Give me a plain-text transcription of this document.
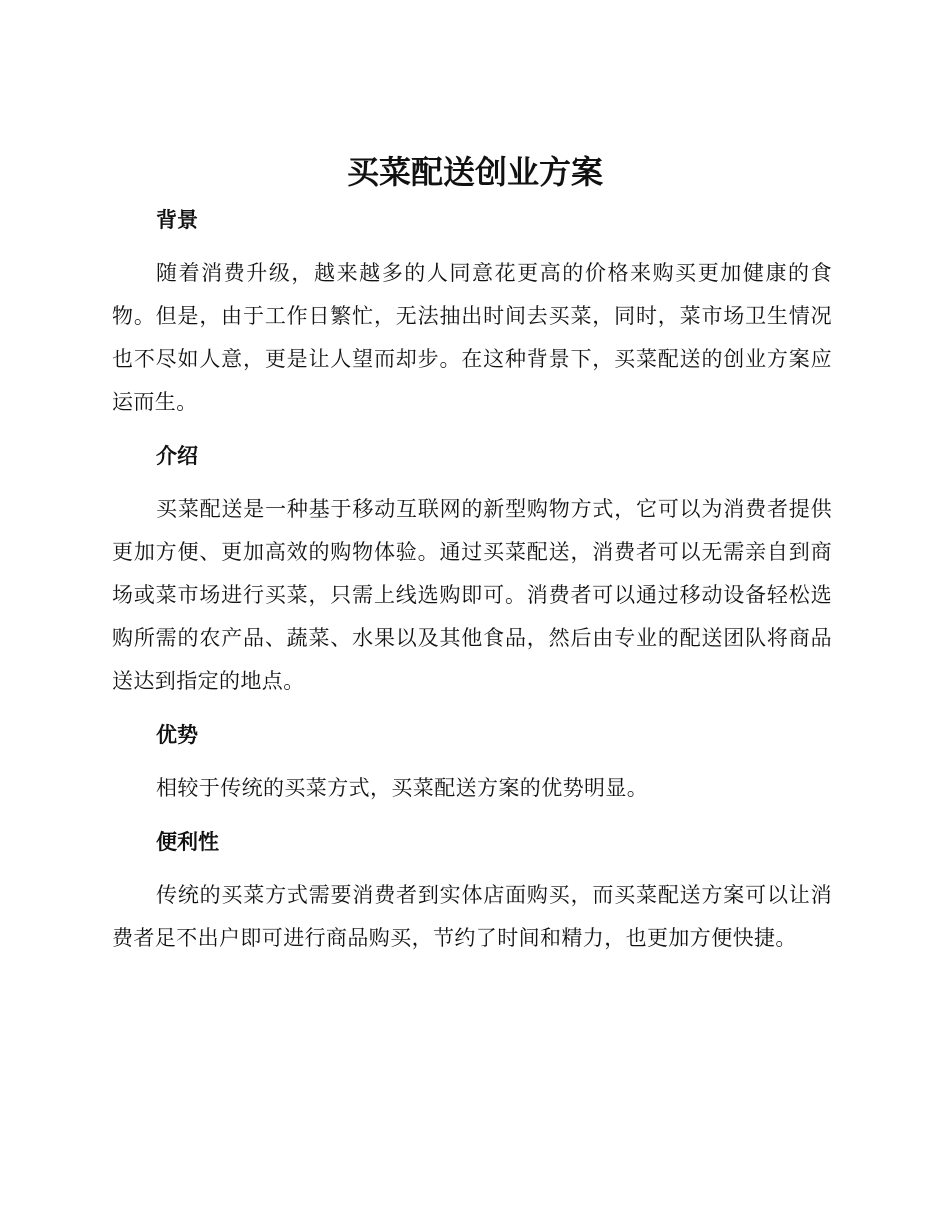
买菜配送创业方案

背景

随着消费升级，越来越多的人同意花更高的价格来购买更加健康的食物。但是，由于工作日繁忙，无法抽出时间去买菜，同时，菜市场卫生情况也不尽如人意，更是让人望而却步。在这种背景下，买菜配送的创业方案应运而生。

介绍

买菜配送是一种基于移动互联网的新型购物方式，它可以为消费者提供更加方便、更加高效的购物体验。通过买菜配送，消费者可以无需亲自到商场或菜市场进行买菜，只需上线选购即可。消费者可以通过移动设备轻松选购所需的农产品、蔬菜、水果以及其他食品，然后由专业的配送团队将商品送达到指定的地点。

优势

相较于传统的买菜方式，买菜配送方案的优势明显。

便利性

传统的买菜方式需要消费者到实体店面购买，而买菜配送方案可以让消费者足不出户即可进行商品购买，节约了时间和精力，也更加方便快捷。
